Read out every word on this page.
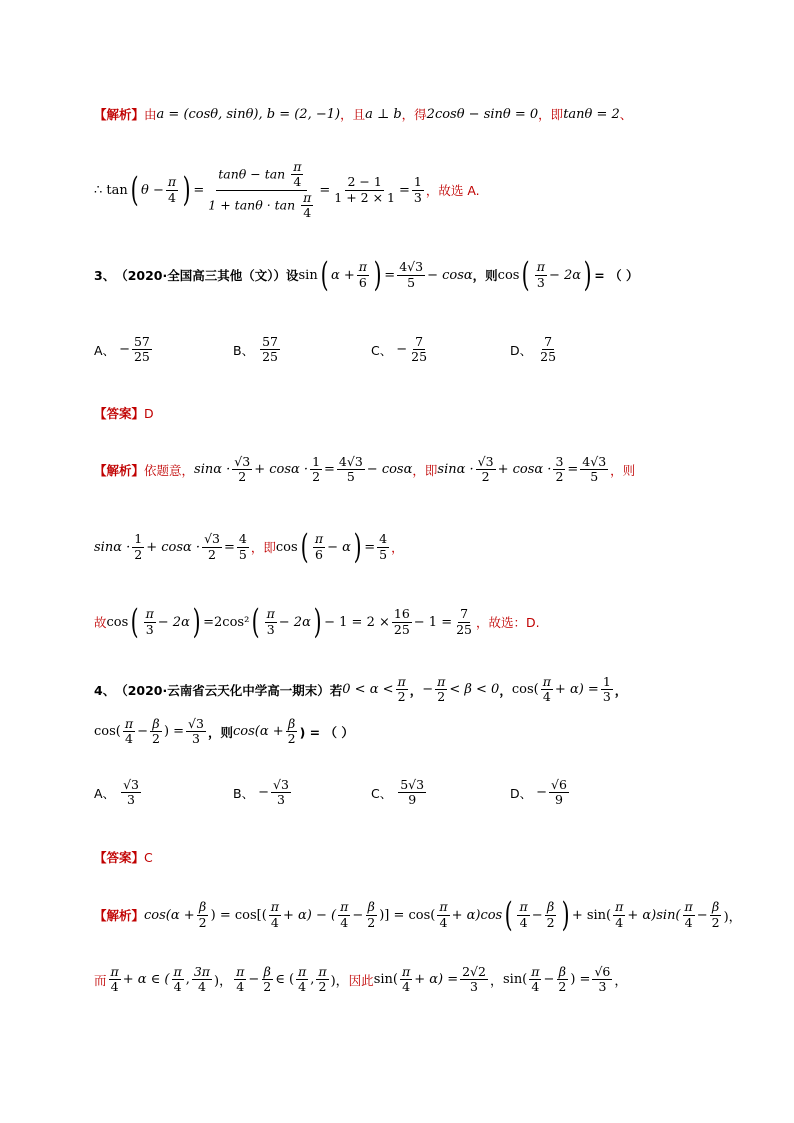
【解析】 由 a = (cosθ, sinθ), b = (2, −1) ，且 a ⊥ b ，得 2cosθ − sinθ = 0 ，即 tanθ = 2 、
∴
tan ( $\theta - \frac{\pi}{4}$ ) = $\frac{\tan\theta - \tan \frac{\pi}{4}}{1 + \tan\theta \cdot \tan \frac{\pi}{4}} = \frac{2 - 1}{1 + 2 \times 1} = \frac{1}{3}$ ，故选 A.
3、 （2020·全国高三其他（文）） 设 sin ( $\alpha + \frac{\pi}{6}$ ) = $\frac{4√3}{5} - \cos\alpha$ ，则 cos ( $\frac{\pi}{3} - 2\alpha$ ) = （ ）
A、 − $\frac{57}{25}$	B、 $\frac{57}{25}$	C、 − $\frac{7}{25}$	D、 $\frac{7}{25}$
【答案】 D
【解析】 依题意， $\sin\alpha \cdot \frac{√3}{2} + \cos\alpha \cdot \frac{1}{2} = \frac{4√3}{5} - \cos\alpha$ ，即 $\sin\alpha \cdot \frac{√3}{2} + \cos\alpha \cdot \frac{3}{2} = \frac{4√3}{5}$ ，则
$\sin\alpha \cdot \frac{1}{2} + \cos\alpha \cdot \frac{√3}{2} = \frac{4}{5}$ ，即 cos ( $\frac{\pi}{6} - \alpha$ ) = $\frac{4}{5}$ ，
故 cos ( $\frac{\pi}{3} - 2\alpha$ ) = 2cos² ( $\frac{\pi}{3} - 2\alpha$ ) − $1 = 2 \times \frac{16}{25} - 1 = \frac{7}{25}$ ，故选：D.
4、 （2020·云南省云天化中学高一期末） 若 $0 < \alpha < \frac{\pi}{2}$ ， − $\frac{\pi}{2} < \beta < 0$ ， $\cos( \frac{\pi}{4} + \alpha) = \frac{1}{3}$ ，
$\cos( \frac{\pi}{4} - \frac{\beta}{2}$ ) = $\frac{√3}{3}$ ，则 $\cos(\alpha + \frac{\beta}{2}$ ) = （ ）
A、 $\frac{√3}{3}$	B、 − $\frac{√3}{3}$	C、 $\frac{5√3}{9}$	D、 − $\frac{√6}{9}$
【答案】 C
【解析】 $\cos(\alpha + \frac{\beta}{2}$ ) = $\cos[( \frac{\pi}{4} + \alpha)$ − ( $\frac{\pi}{4} - \frac{\beta}{2}$ )] = $\cos( \frac{\pi}{4} + \alpha)\cos$ ( $\frac{\pi}{4} - \frac{\beta}{2}$ ) + $\sin( \frac{\pi}{4} + \alpha)\sin( \frac{\pi}{4} - \frac{\beta}{2}$ )，
而 $\frac{\pi}{4} + \alpha$ ∈ ( $\frac{\pi}{4}$ , $\frac{3\pi}{4}$ )， $\frac{\pi}{4} - \frac{\beta}{2}$ ∈ ( $\frac{\pi}{4}$ , $\frac{\pi}{2}$ )， 因此 $\sin( \frac{\pi}{4} + \alpha) = \frac{2√2}{3}$ ， $\sin( \frac{\pi}{4} - \frac{\beta}{2}$ ) = $\frac{√6}{3}$ ，
